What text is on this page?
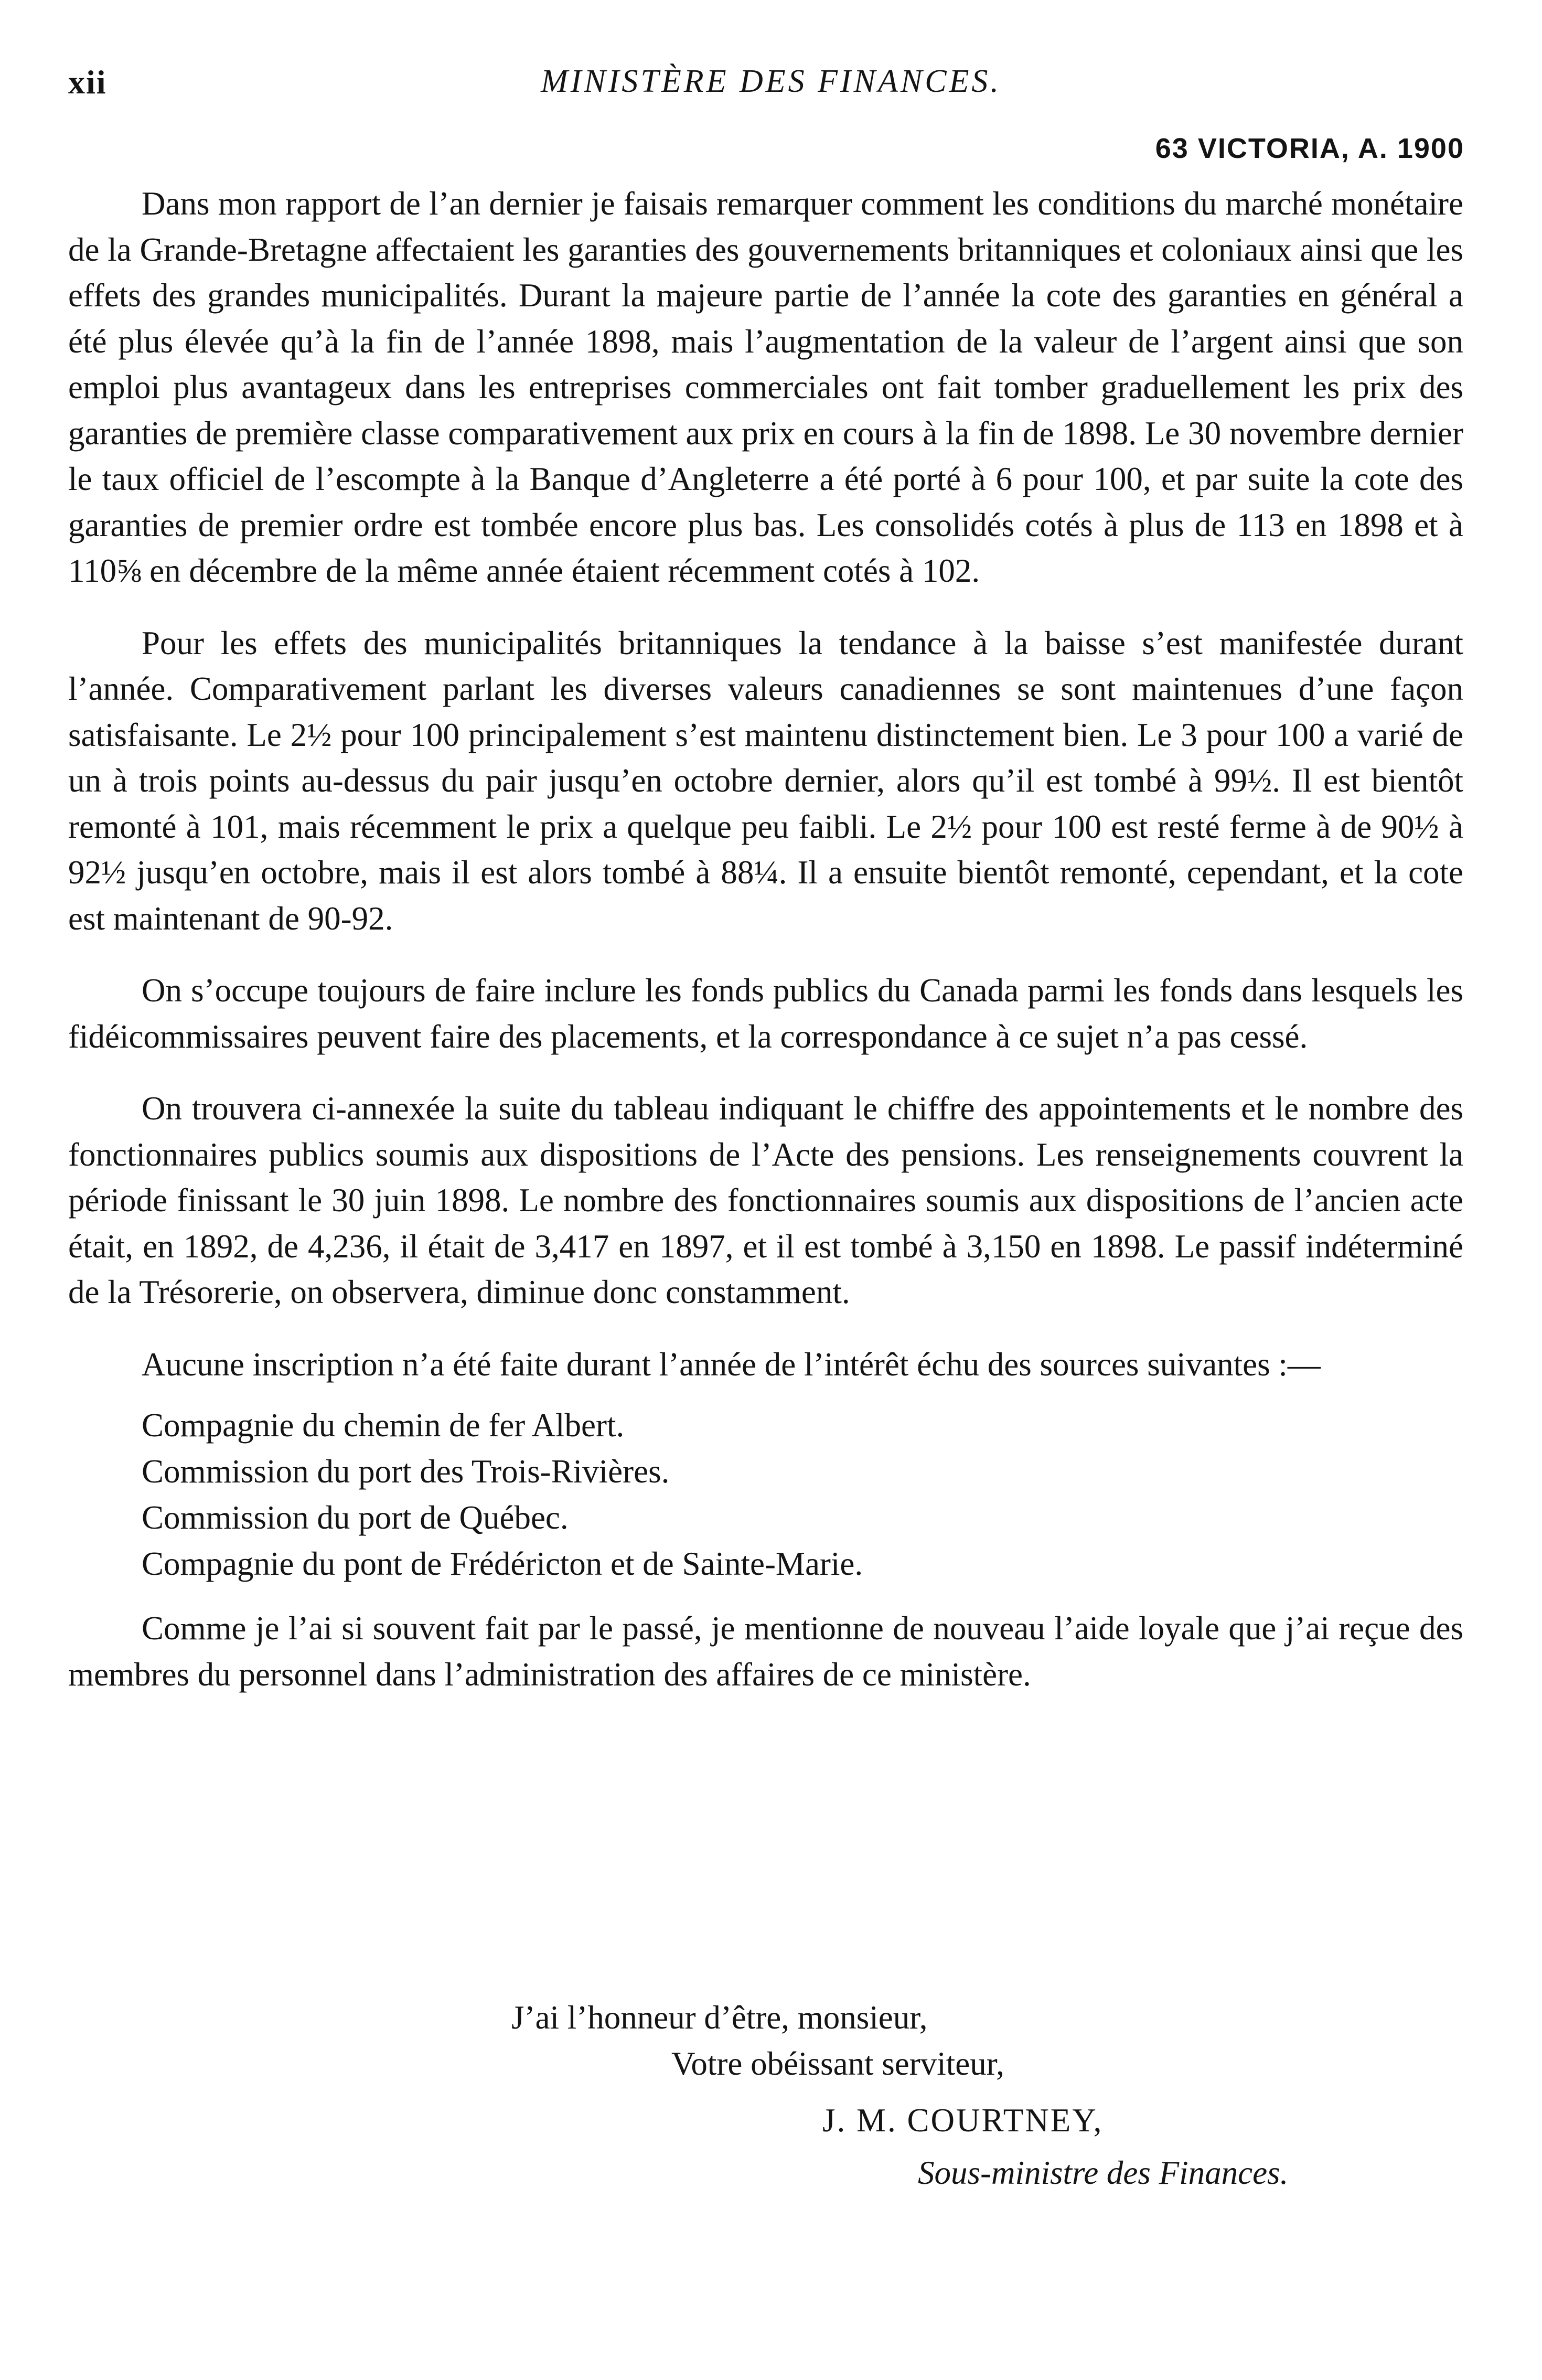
xii	MINISTÈRE DES FINANCES.
63 VICTORIA, A. 1900

Dans mon rapport de l’an dernier je faisais remarquer comment les conditions du marché monétaire de la Grande-Bretagne affectaient les garanties des gouvernements britanniques et coloniaux ainsi que les effets des grandes municipalités. Durant la majeure partie de l’année la cote des garanties en général a été plus élevée qu’à la fin de l’année 1898, mais l’augmentation de la valeur de l’argent ainsi que son emploi plus avantageux dans les entreprises commerciales ont fait tomber graduellement les prix des garanties de première classe comparativement aux prix en cours à la fin de 1898. Le 30 novembre dernier le taux officiel de l’escompte à la Banque d’Angleterre a été porté à 6 pour 100, et par suite la cote des garanties de premier ordre est tombée encore plus bas. Les consolidés cotés à plus de 113 en 1898 et à 110⅝ en décembre de la même année étaient récemment cotés à 102.

Pour les effets des municipalités britanniques la tendance à la baisse s’est manifestée durant l’année. Comparativement parlant les diverses valeurs canadiennes se sont maintenues d’une façon satisfaisante. Le 2½ pour 100 principalement s’est maintenu distinctement bien. Le 3 pour 100 a varié de un à trois points au-dessus du pair jusqu’en octobre dernier, alors qu’il est tombé à 99½. Il est bientôt remonté à 101, mais récemment le prix a quelque peu faibli. Le 2½ pour 100 est resté ferme à de 90½ à 92½ jusqu’en octobre, mais il est alors tombé à 88¼. Il a ensuite bientôt remonté, cependant, et la cote est maintenant de 90-92.

On s’occupe toujours de faire inclure les fonds publics du Canada parmi les fonds dans lesquels les fidéicommissaires peuvent faire des placements, et la correspondance à ce sujet n’a pas cessé.

On trouvera ci-annexée la suite du tableau indiquant le chiffre des appointements et le nombre des fonctionnaires publics soumis aux dispositions de l’Acte des pensions. Les renseignements couvrent la période finissant le 30 juin 1898. Le nombre des fonctionnaires soumis aux dispositions de l’ancien acte était, en 1892, de 4,236, il était de 3,417 en 1897, et il est tombé à 3,150 en 1898. Le passif indéterminé de la Trésorerie, on observera, diminue donc constamment.

Aucune inscription n’a été faite durant l’année de l’intérêt échu des sources suivantes :—

Compagnie du chemin de fer Albert.
Commission du port des Trois-Rivières.
Commission du port de Québec.
Compagnie du pont de Frédéricton et de Sainte-Marie.

Comme je l’ai si souvent fait par le passé, je mentionne de nouveau l’aide loyale que j’ai reçue des membres du personnel dans l’administration des affaires de ce ministère.

J’ai l’honneur d’être, monsieur,
Votre obéissant serviteur,
J. M. COURTNEY,
Sous-ministre des Finances.
